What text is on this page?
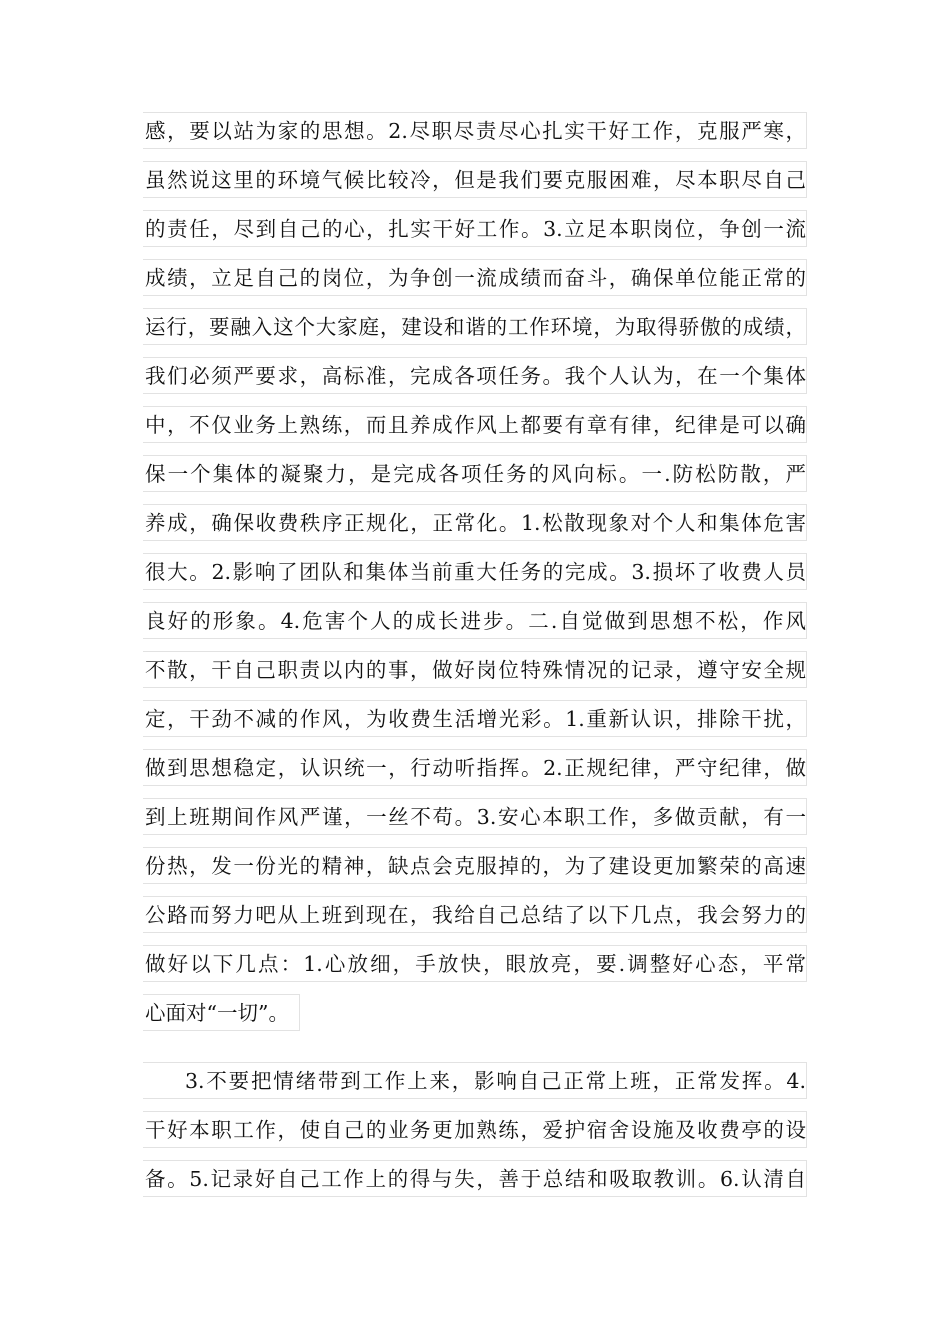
感，要以站为家的思想。2.尽职尽责尽心扎实干好工作，克服严寒，
虽然说这里的环境气候比较冷，但是我们要克服困难，尽本职尽自己
的责任，尽到自己的心，扎实干好工作。3.立足本职岗位，争创一流
成绩，立足自己的岗位，为争创一流成绩而奋斗，确保单位能正常的
运行，要融入这个大家庭，建设和谐的工作环境，为取得骄傲的成绩，
我们必须严要求，高标准，完成各项任务。我个人认为，在一个集体
中，不仅业务上熟练，而且养成作风上都要有章有律，纪律是可以确
保一个集体的凝聚力，是完成各项任务的风向标。一.防松防散，严
养成，确保收费秩序正规化，正常化。1.松散现象对个人和集体危害
很大。2.影响了团队和集体当前重大任务的完成。3.损坏了收费人员
良好的形象。4.危害个人的成长进步。二.自觉做到思想不松，作风
不散，干自己职责以内的事，做好岗位特殊情况的记录，遵守安全规
定，干劲不减的作风，为收费生活增光彩。1.重新认识，排除干扰，
做到思想稳定，认识统一，行动听指挥。2.正规纪律，严守纪律，做
到上班期间作风严谨，一丝不苟。3.安心本职工作，多做贡献，有一
份热，发一份光的精神，缺点会克服掉的，为了建设更加繁荣的高速
公路而努力吧从上班到现在，我给自己总结了以下几点，我会努力的
做好以下几点：1.心放细，手放快，眼放亮，要.调整好心态，平常
心面对“一切”。
3.不要把情绪带到工作上来，影响自己正常上班，正常发挥。4.
干好本职工作，使自己的业务更加熟练，爱护宿舍设施及收费亭的设
备。5.记录好自己工作上的得与失，善于总结和吸取教训。6.认清自
